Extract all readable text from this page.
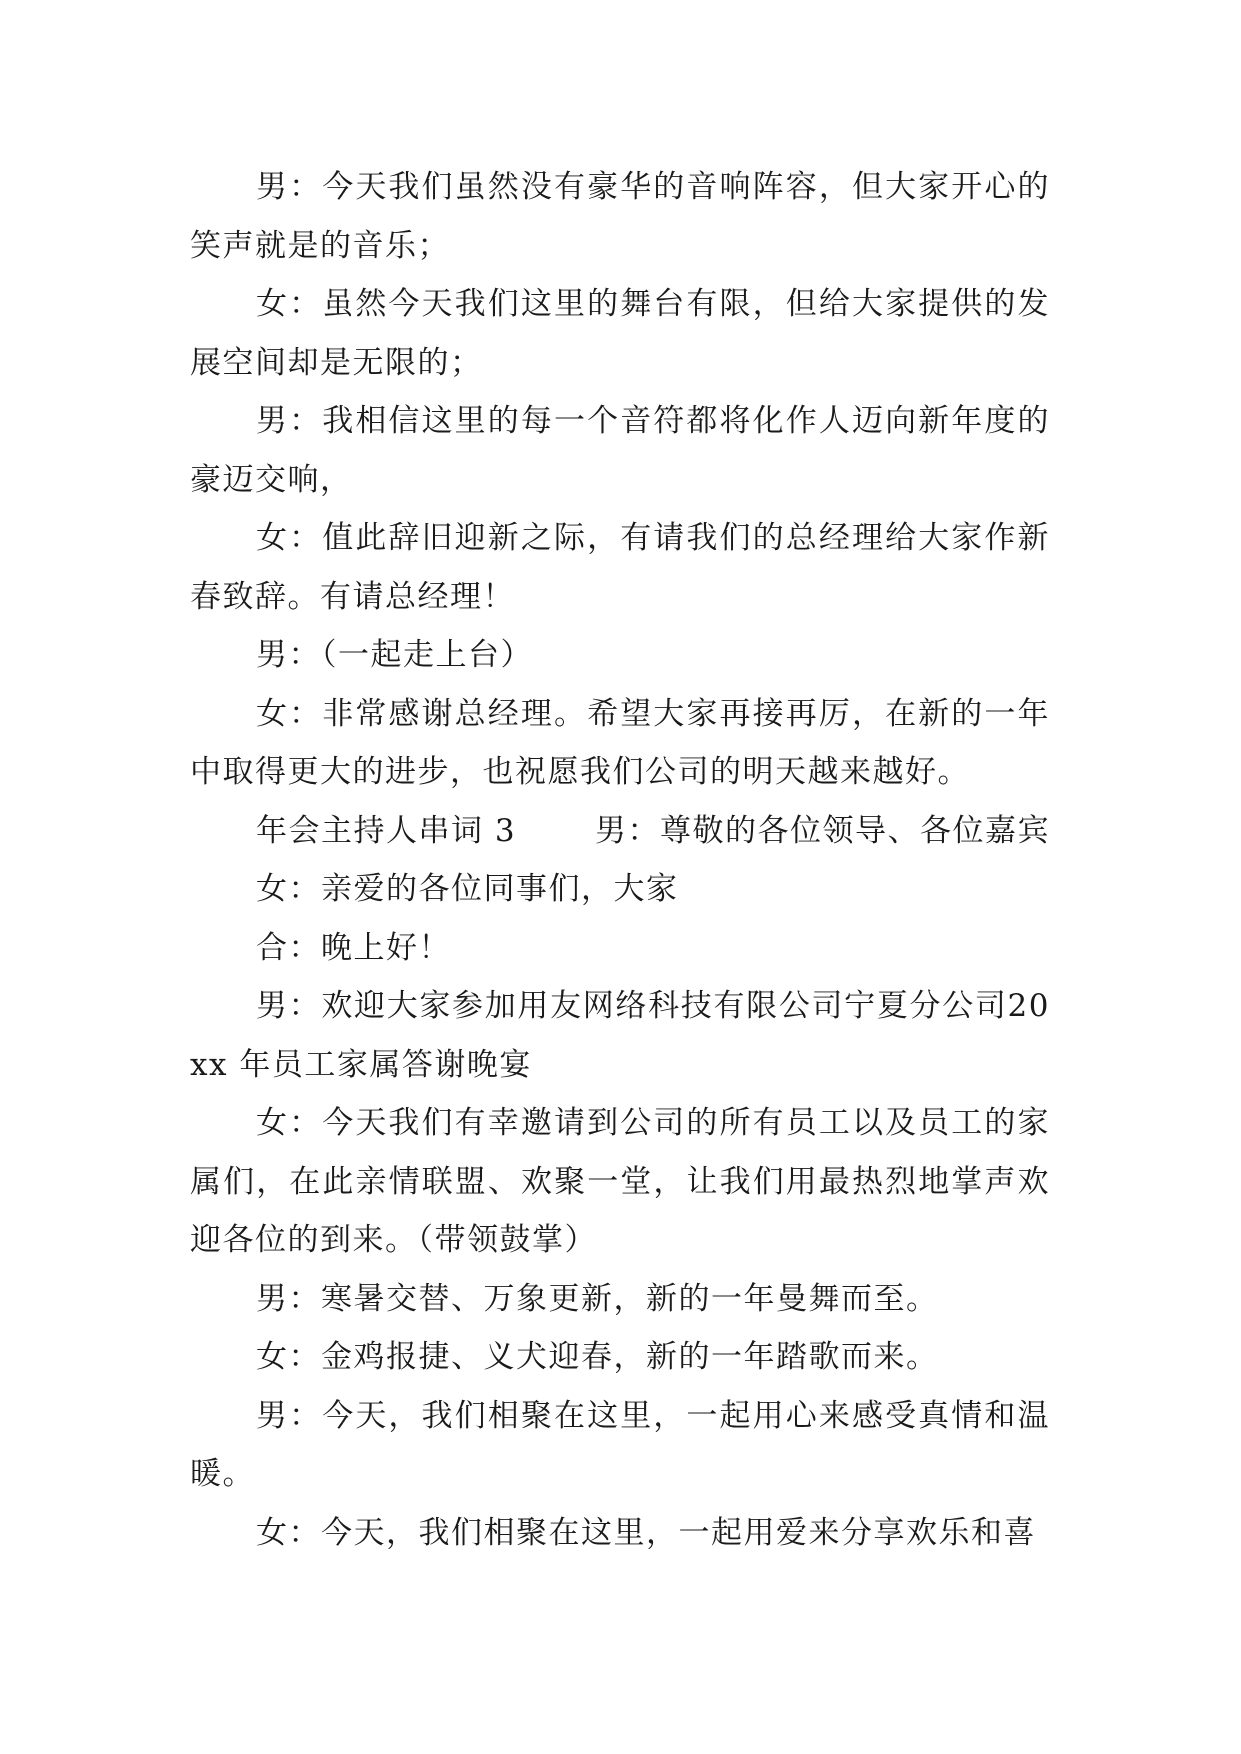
男：今天我们虽然没有豪华的音响阵容，但大家开心的笑声就是的音乐；

女：虽然今天我们这里的舞台有限，但给大家提供的发展空间却是无限的；

男：我相信这里的每一个音符都将化作人迈向新年度的豪迈交响，

女：值此辞旧迎新之际，有请我们的总经理给大家作新春致辞。有请总经理！

男：（一起走上台）

女：非常感谢总经理。希望大家再接再厉，在新的一年中取得更大的进步，也祝愿我们公司的明天越来越好。

年会主持人串词 3	男：尊敬的各位领导、各位嘉宾

女：亲爱的各位同事们，大家

合：晚上好！

男：欢迎大家参加用友网络科技有限公司宁夏分公司20xx 年员工家属答谢晚宴

女：今天我们有幸邀请到公司的所有员工以及员工的家属们，在此亲情联盟、欢聚一堂，让我们用最热烈地掌声欢迎各位的到来。（带领鼓掌）

男：寒暑交替、万象更新，新的一年曼舞而至。

女：金鸡报捷、义犬迎春，新的一年踏歌而来。

男：今天，我们相聚在这里，一起用心来感受真情和温暖。

女：今天，我们相聚在这里，一起用爱来分享欢乐和喜
